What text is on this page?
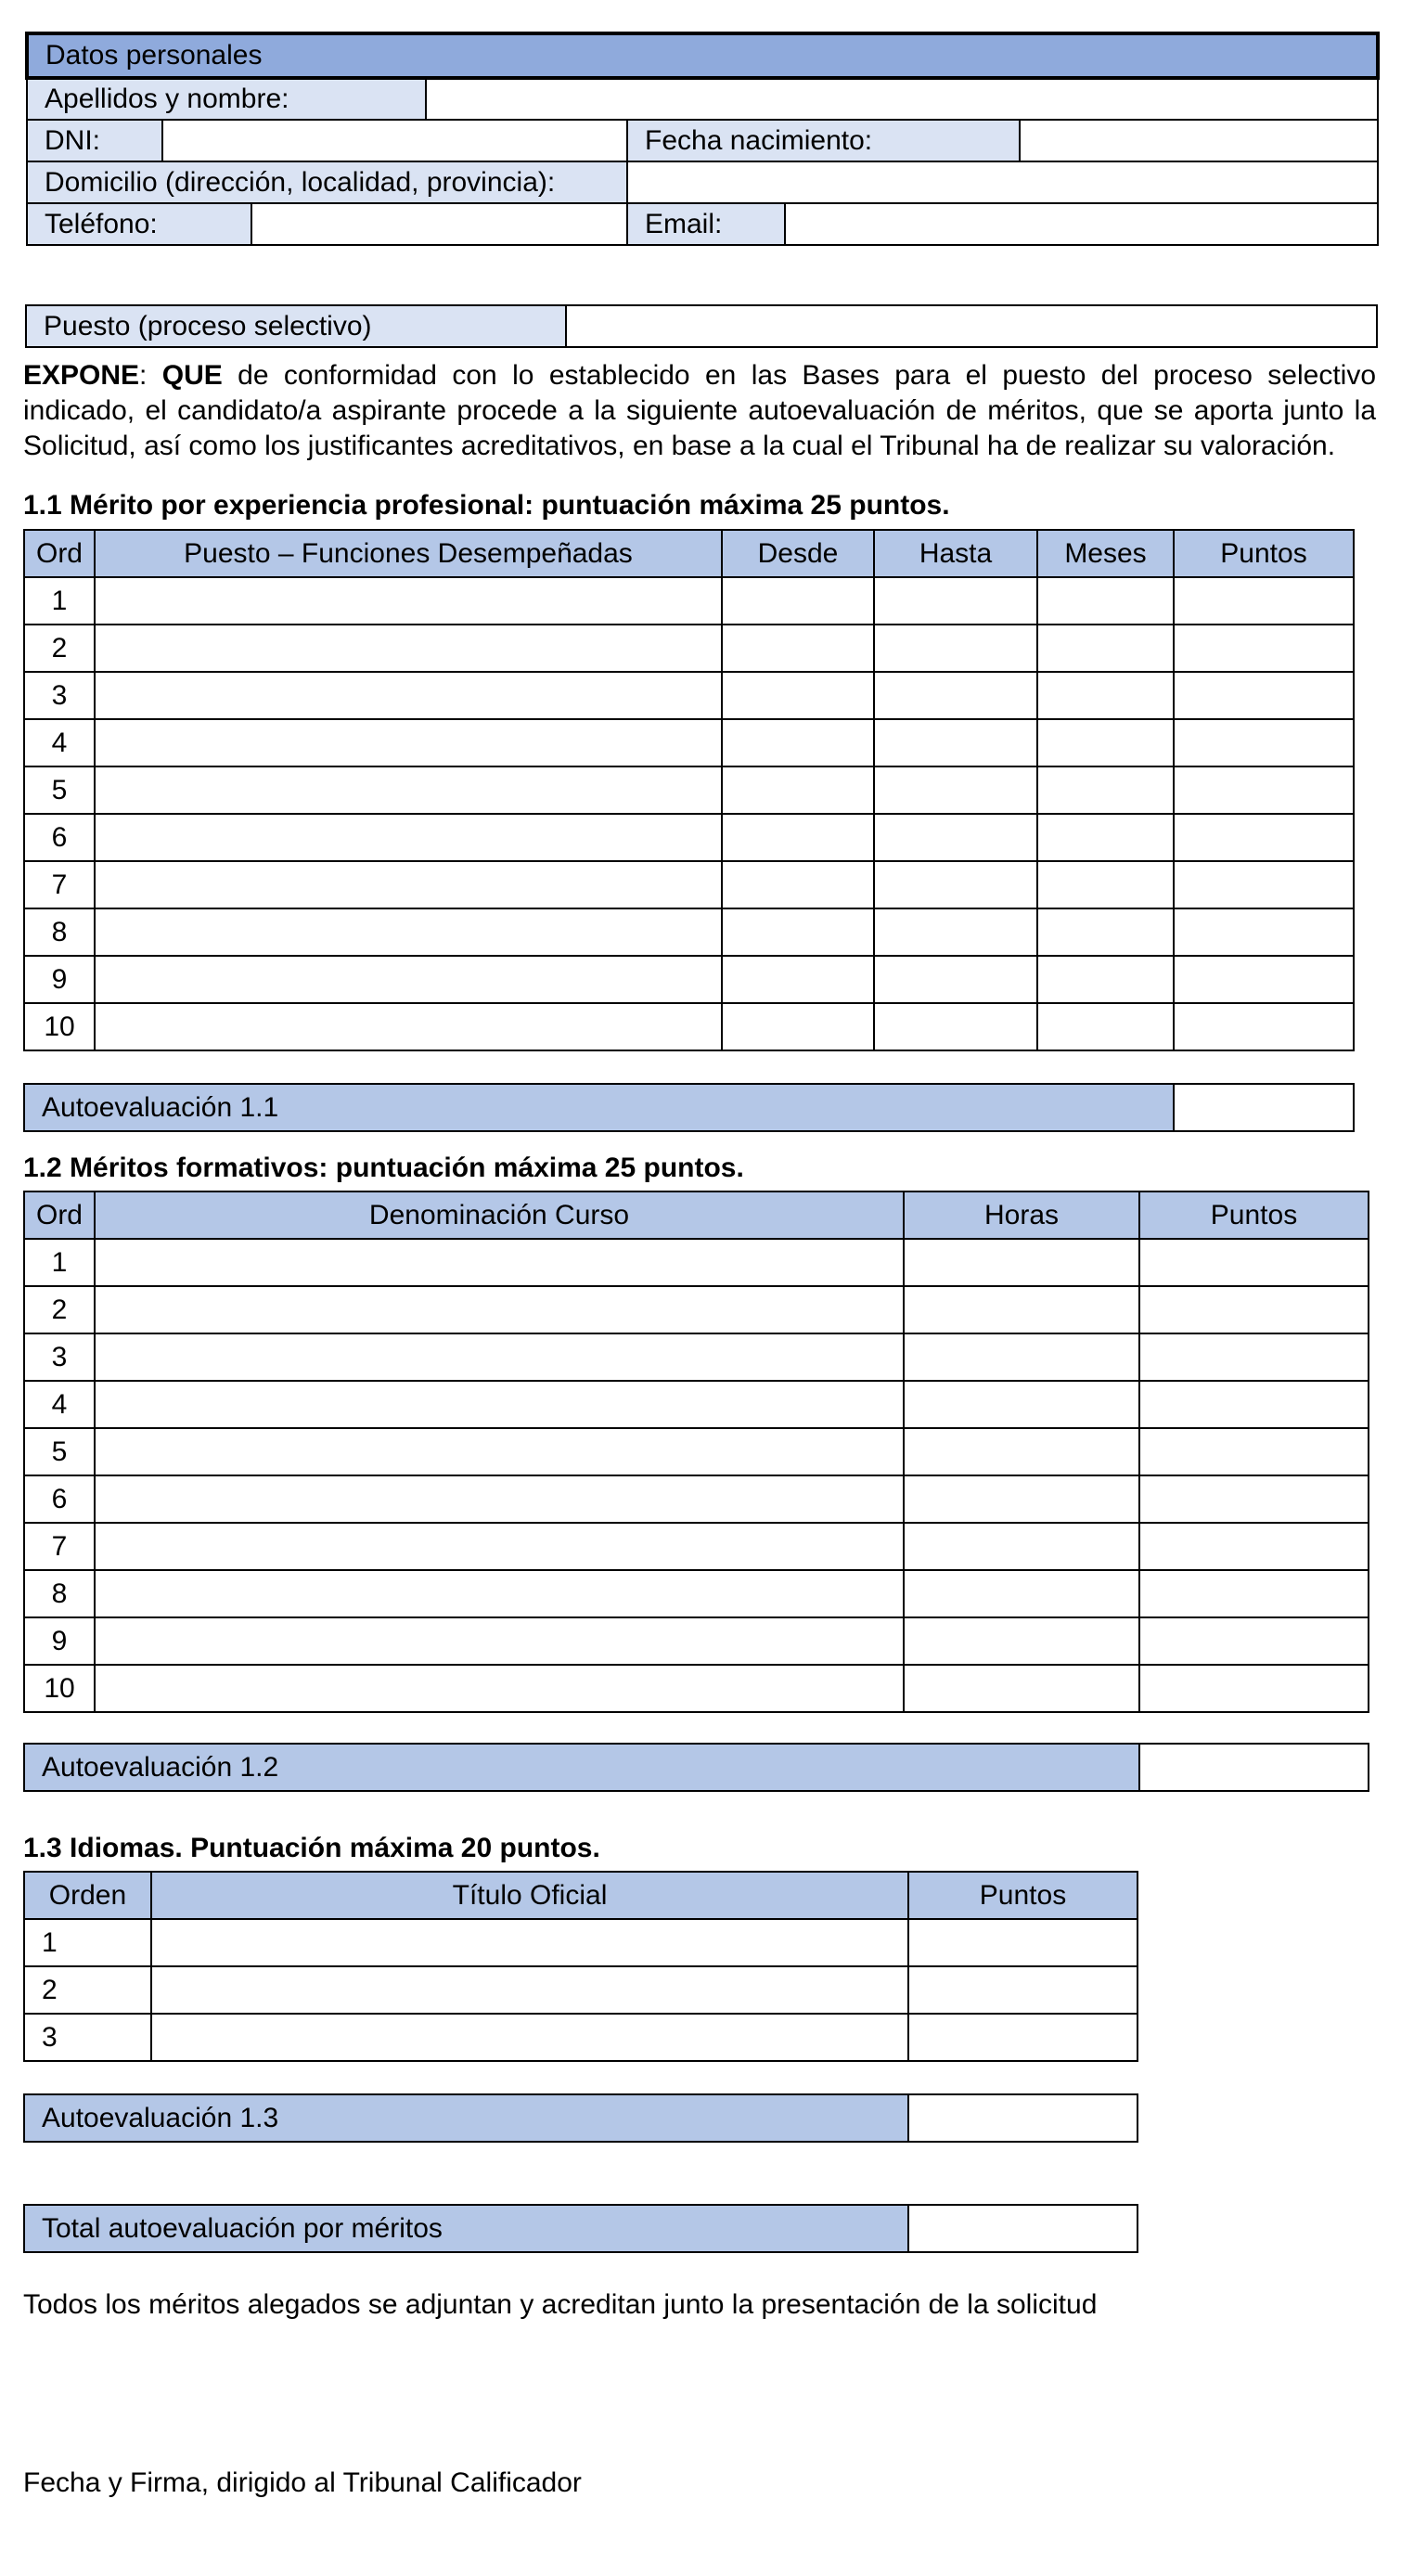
Datos personales						
Apellidos y nombre:						
DNI:				Fecha nacimiento:		
Domicilio (dirección, localidad, provincia):						
Teléfono:				Email:		
Puesto (proceso selectivo)	
EXPONE: QUE de conformidad con lo establecido en las Bases para el puesto del proceso selectivo indicado, el candidato/a aspirante procede a la siguiente autoevaluación de méritos, que se aporta junto la Solicitud, así como los justificantes acreditativos, en base a la cual el Tribunal ha de realizar su valoración.
1.1 Mérito por experiencia profesional: puntuación máxima 25 puntos.
Ord	Puesto – Funciones Desempeñadas	Desde	Hasta	Meses	Puntos
1					
2					
3					
4					
5					
6					
7					
8					
9					
10					
Autoevaluación 1.1	
1.2 Méritos formativos: puntuación máxima 25 puntos.
Ord	Denominación Curso	Horas	Puntos
1			
2			
3			
4			
5			
6			
7			
8			
9			
10			
Autoevaluación 1.2	
1.3 Idiomas. Puntuación máxima 20 puntos.
Orden	Título Oficial	Puntos
1		
2		
3		
Autoevaluación 1.3	
Total autoevaluación por méritos	
Todos los méritos alegados se adjuntan y acreditan junto la presentación de la solicitud
Fecha y Firma, dirigido al Tribunal Calificador
